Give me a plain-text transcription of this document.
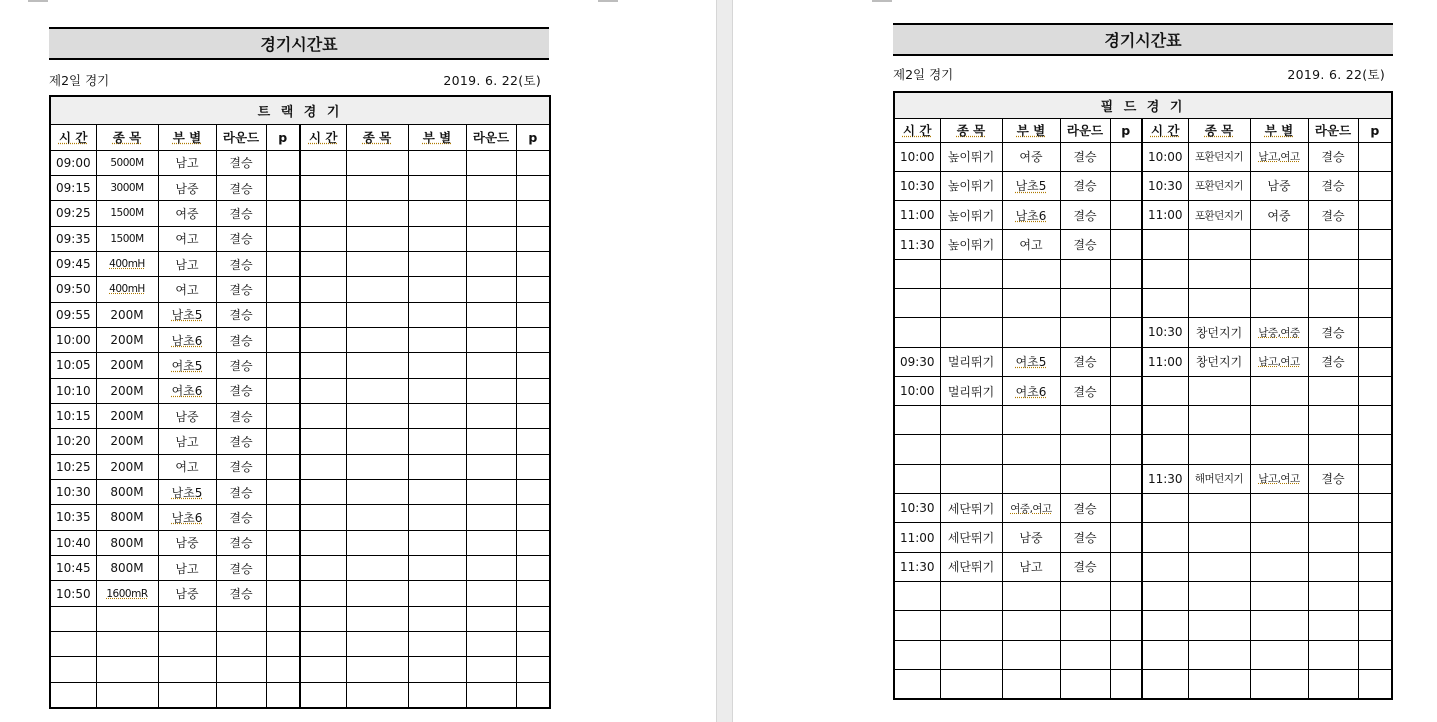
경기시간표
제2일 경기	2019. 6. 22(토)
트 랙 경 기									
시 간	종 목	부 별	라운드	p	시 간	종 목	부 별	라운드	p
09:00	5000M	남고	결승						
09:15	3000M	남중	결승						
09:25	1500M	여중	결승						
09:35	1500M	여고	결승						
09:45	400mH	남고	결승						
09:50	400mH	여고	결승						
09:55	200M	남초5	결승						
10:00	200M	남초6	결승						
10:05	200M	여초5	결승						
10:10	200M	여초6	결승						
10:15	200M	남중	결승						
10:20	200M	남고	결승						
10:25	200M	여고	결승						
10:30	800M	남초5	결승						
10:35	800M	남초6	결승						
10:40	800M	남중	결승						
10:45	800M	남고	결승						
10:50	1600mR	남중	결승						

경기시간표
제2일 경기	2019. 6. 22(토)
필 드 경 기									
시 간	종 목	부 별	라운드	p	시 간	종 목	부 별	라운드	p
10:00	높이뛰기	여중	결승		10:00	포환던지기	남고,여고	결승	
10:30	높이뛰기	남초5	결승		10:30	포환던지기	남중	결승	
11:00	높이뛰기	남초6	결승		11:00	포환던지기	여중	결승	
11:30	높이뛰기	여고	결승						

					10:30	창던지기	남중,여중	결승	
09:30	멀리뛰기	여초5	결승		11:00	창던지기	남고,여고	결승	
10:00	멀리뛰기	여초6	결승						

					11:30	해머던지기	남고,여고	결승	
10:30	세단뛰기	여중,여고	결승						
11:00	세단뛰기	남중	결승						
11:30	세단뛰기	남고	결승						
